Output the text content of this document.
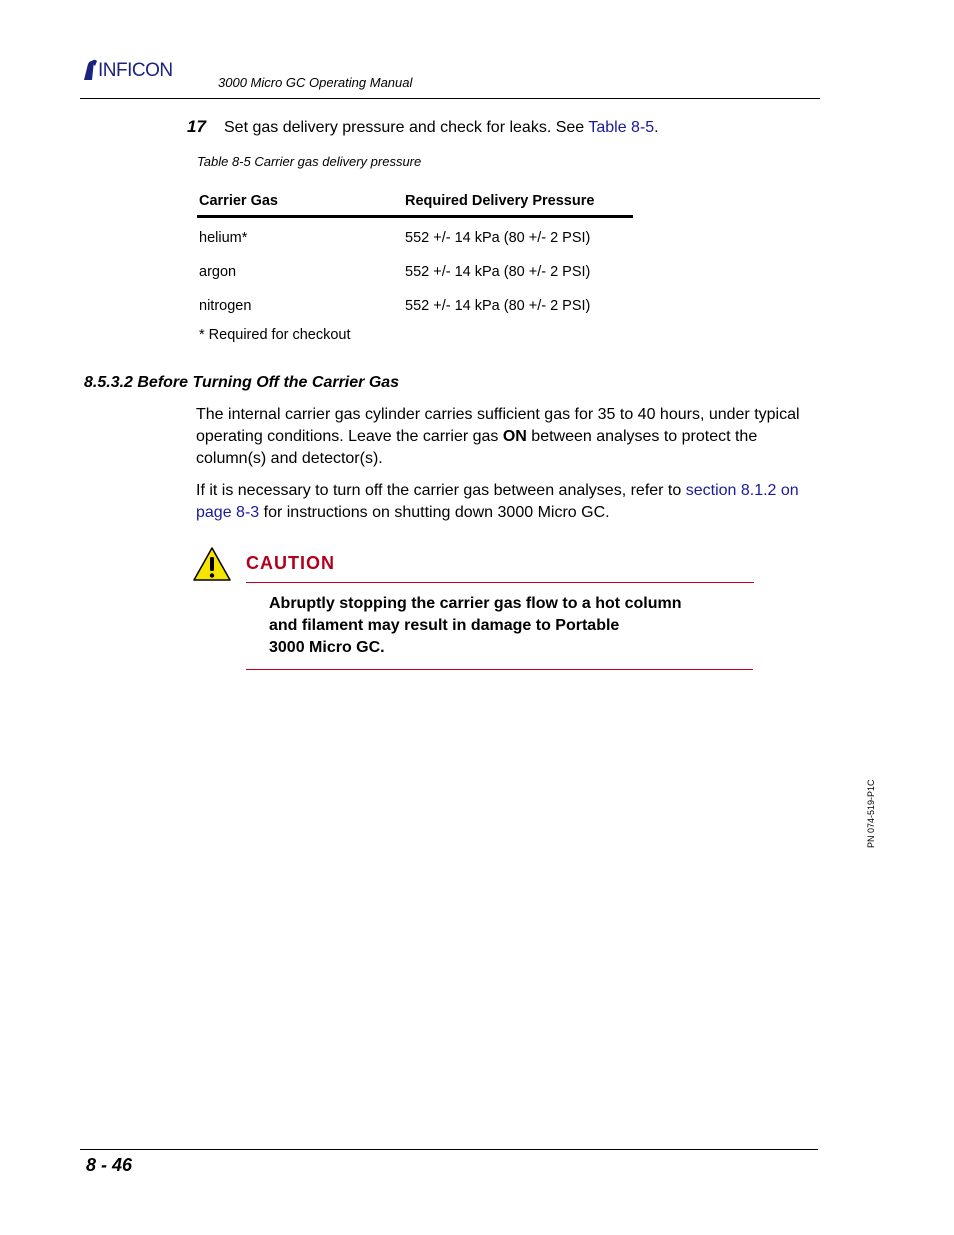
INFICON
3000 Micro GC Operating Manual
17 Set gas delivery pressure and check for leaks. See Table 8-5.
Table 8-5 Carrier gas delivery pressure
Carrier Gas	Required Delivery Pressure
helium*	552 +/- 14 kPa (80 +/- 2 PSI)
argon	552 +/- 14 kPa (80 +/- 2 PSI)
nitrogen	552 +/- 14 kPa (80 +/- 2 PSI)
* Required for checkout
8.5.3.2 Before Turning Off the Carrier Gas
The internal carrier gas cylinder carries sufficient gas for 35 to 40 hours, under typical operating conditions. Leave the carrier gas ON between analyses to protect the column(s) and detector(s).
If it is necessary to turn off the carrier gas between analyses, refer to section 8.1.2 on page 8-3 for instructions on shutting down 3000 Micro GC.
CAUTION
Abruptly stopping the carrier gas flow to a hot column
and filament may result in damage to Portable
3000 Micro GC.
PN 074-519-P1C
8 - 46
